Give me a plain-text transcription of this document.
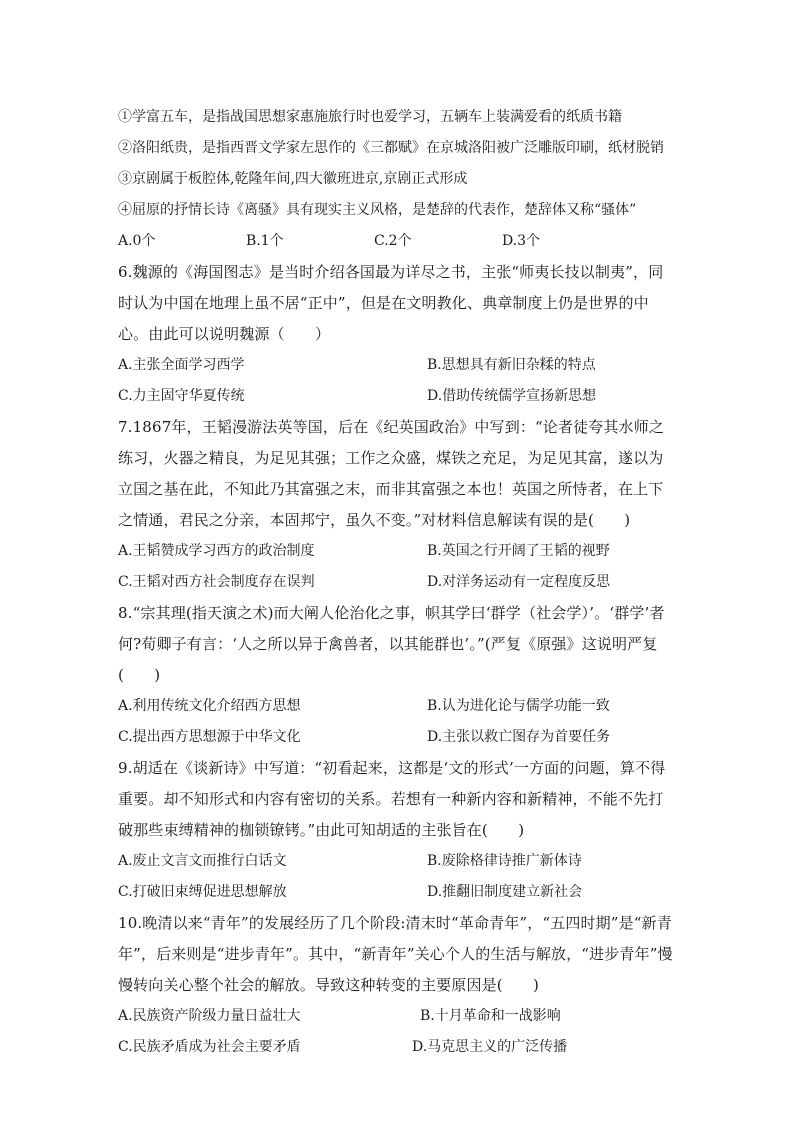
①学富五车，是指战国思想家惠施旅行时也爱学习，五辆车上装满爱看的纸质书籍
②洛阳纸贵，是指西晋文学家左思作的《三都赋》在京城洛阳被广泛雕版印刷，纸材脱销
③京剧属于板腔体,乾隆年间,四大徽班进京,京剧正式形成
④屈原的抒情长诗《离骚》具有现实主义风格，是楚辞的代表作，楚辞体又称“骚体”
A.0个	B.1个	C.2个	D.3个
6.魏源的《海国图志》是当时介绍各国最为详尽之书，主张“师夷长技以制夷”，同时认为中国在地理上虽不居“正中”，但是在文明教化、典章制度上仍是世界的中心。由此可以说明魏源（　　）
A.主张全面学习西学	B.思想具有新旧杂糅的特点
C.力主固守华夏传统	D.借助传统儒学宣扬新思想
7.1867年，王韬漫游法英等国，后在《纪英国政治》中写到：“论者徒夸其水师之练习，火器之精良，为足见其强；工作之众盛，煤铁之充足，为足见其富，遂以为立国之基在此，不知此乃其富强之末，而非其富强之本也！英国之所恃者，在上下之情通，君民之分亲，本固邦宁，虽久不变。”对材料信息解读有误的是(　　)
A.王韬赞成学习西方的政治制度	B.英国之行开阔了王韬的视野
C.王韬对西方社会制度存在误判	D.对洋务运动有一定程度反思
8.“宗其理(指天演之术)而大阐人伦治化之事，帜其学曰‘群学（社会学）’。‘群学’者何?荀卿子有言：‘人之所以异于禽兽者，以其能群也’。”(严复《原强》这说明严复(　　)
A.利用传统文化介绍西方思想	B.认为进化论与儒学功能一致
C.提出西方思想源于中华文化	D.主张以救亡图存为首要任务
9.胡适在《谈新诗》中写道：“初看起来，这都是‘文的形式’一方面的问题，算不得重要。却不知形式和内容有密切的关系。若想有一种新内容和新精神，不能不先打破那些束缚精神的枷锁镣铐。”由此可知胡适的主张旨在(　　)
A.废止文言文而推行白话文	B.废除格律诗推广新体诗
C.打破旧束缚促进思想解放	D.推翻旧制度建立新社会
10.晚清以来“青年”的发展经历了几个阶段:清末时“革命青年”，“五四时期”是“新青年”，后来则是“进步青年”。其中，“新青年”关心个人的生活与解放，“进步青年”慢慢转向关心整个社会的解放。导致这种转变的主要原因是(　　)
A.民族资产阶级力量日益壮大	B.十月革命和一战影响
C.民族矛盾成为社会主要矛盾	D.马克思主义的广泛传播
